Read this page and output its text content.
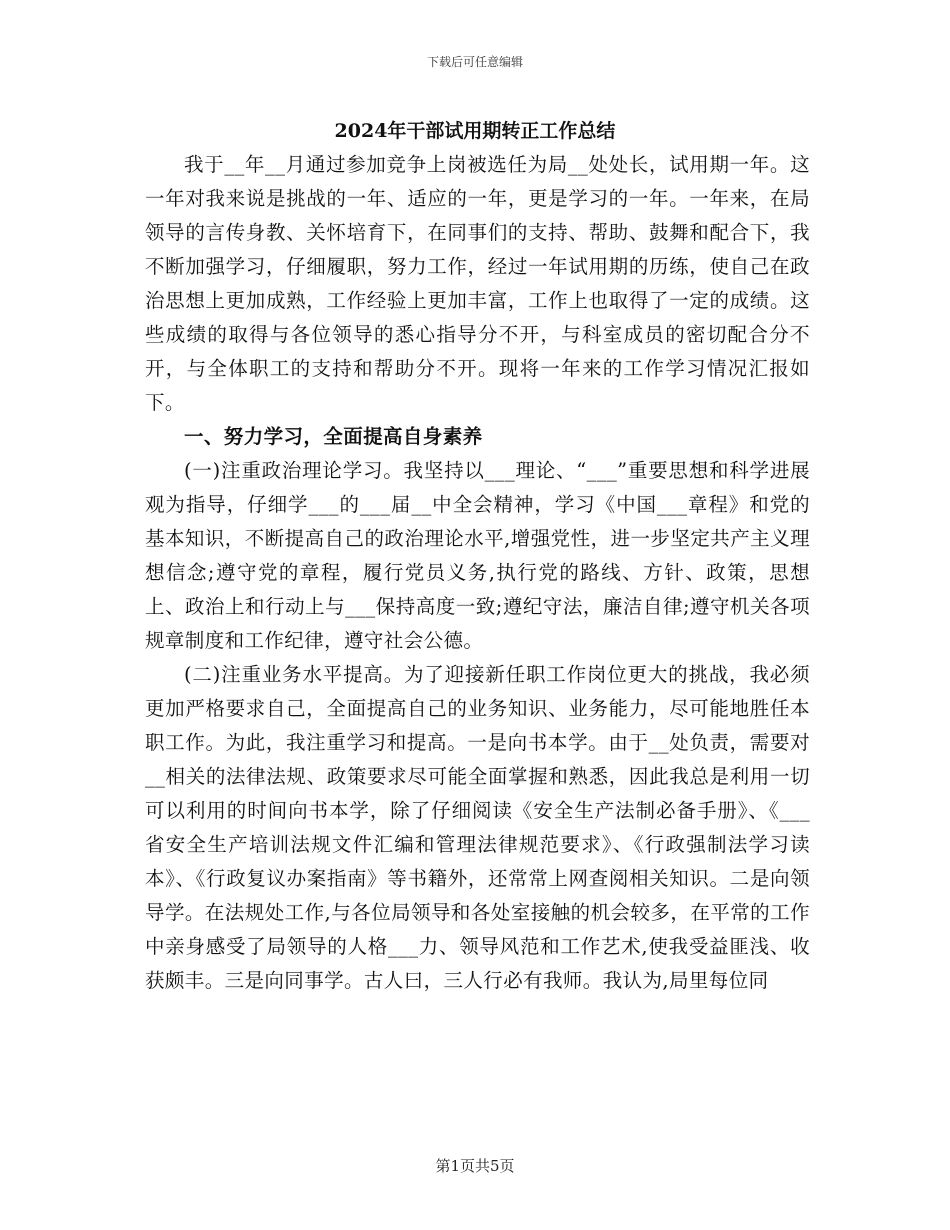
下载后可任意编辑
2024年干部试用期转正工作总结

我于__年__月通过参加竞争上岗被选任为局__处处长，试用期一年。这一年对我来说是挑战的一年、适应的一年，更是学习的一年。一年来，在局领导的言传身教、关怀培育下，在同事们的支持、帮助、鼓舞和配合下，我不断加强学习，仔细履职，努力工作，经过一年试用期的历练，使自己在政治思想上更加成熟，工作经验上更加丰富，工作上也取得了一定的成绩。这些成绩的取得与各位领导的悉心指导分不开，与科室成员的密切配合分不开，与全体职工的支持和帮助分不开。现将一年来的工作学习情况汇报如下。

一、努力学习，全面提高自身素养

(一)注重政治理论学习。我坚持以___理论、“___”重要思想和科学进展观为指导，仔细学___的___届__中全会精神，学习《中国___章程》和党的基本知识，不断提高自己的政治理论水平,增强党性，进一步坚定共产主义理想信念;遵守党的章程，履行党员义务,执行党的路线、方针、政策，思想上、政治上和行动上与___保持高度一致;遵纪守法，廉洁自律;遵守机关各项规章制度和工作纪律，遵守社会公德。

(二)注重业务水平提高。为了迎接新任职工作岗位更大的挑战，我必须更加严格要求自己，全面提高自己的业务知识、业务能力，尽可能地胜任本职工作。为此，我注重学习和提高。一是向书本学。由于__处负责，需要对__相关的法律法规、政策要求尽可能全面掌握和熟悉，因此我总是利用一切可以利用的时间向书本学，除了仔细阅读《安全生产法制必备手册》、《___省安全生产培训法规文件汇编和管理法律规范要求》、《行政强制法学习读本》、《行政复议办案指南》等书籍外，还常常上网查阅相关知识。二是向领导学。在法规处工作,与各位局领导和各处室接触的机会较多，在平常的工作中亲身感受了局领导的人格___力、领导风范和工作艺术,使我受益匪浅、收获颇丰。三是向同事学。古人曰，三人行必有我师。我认为,局里每位同

第1页共5页
